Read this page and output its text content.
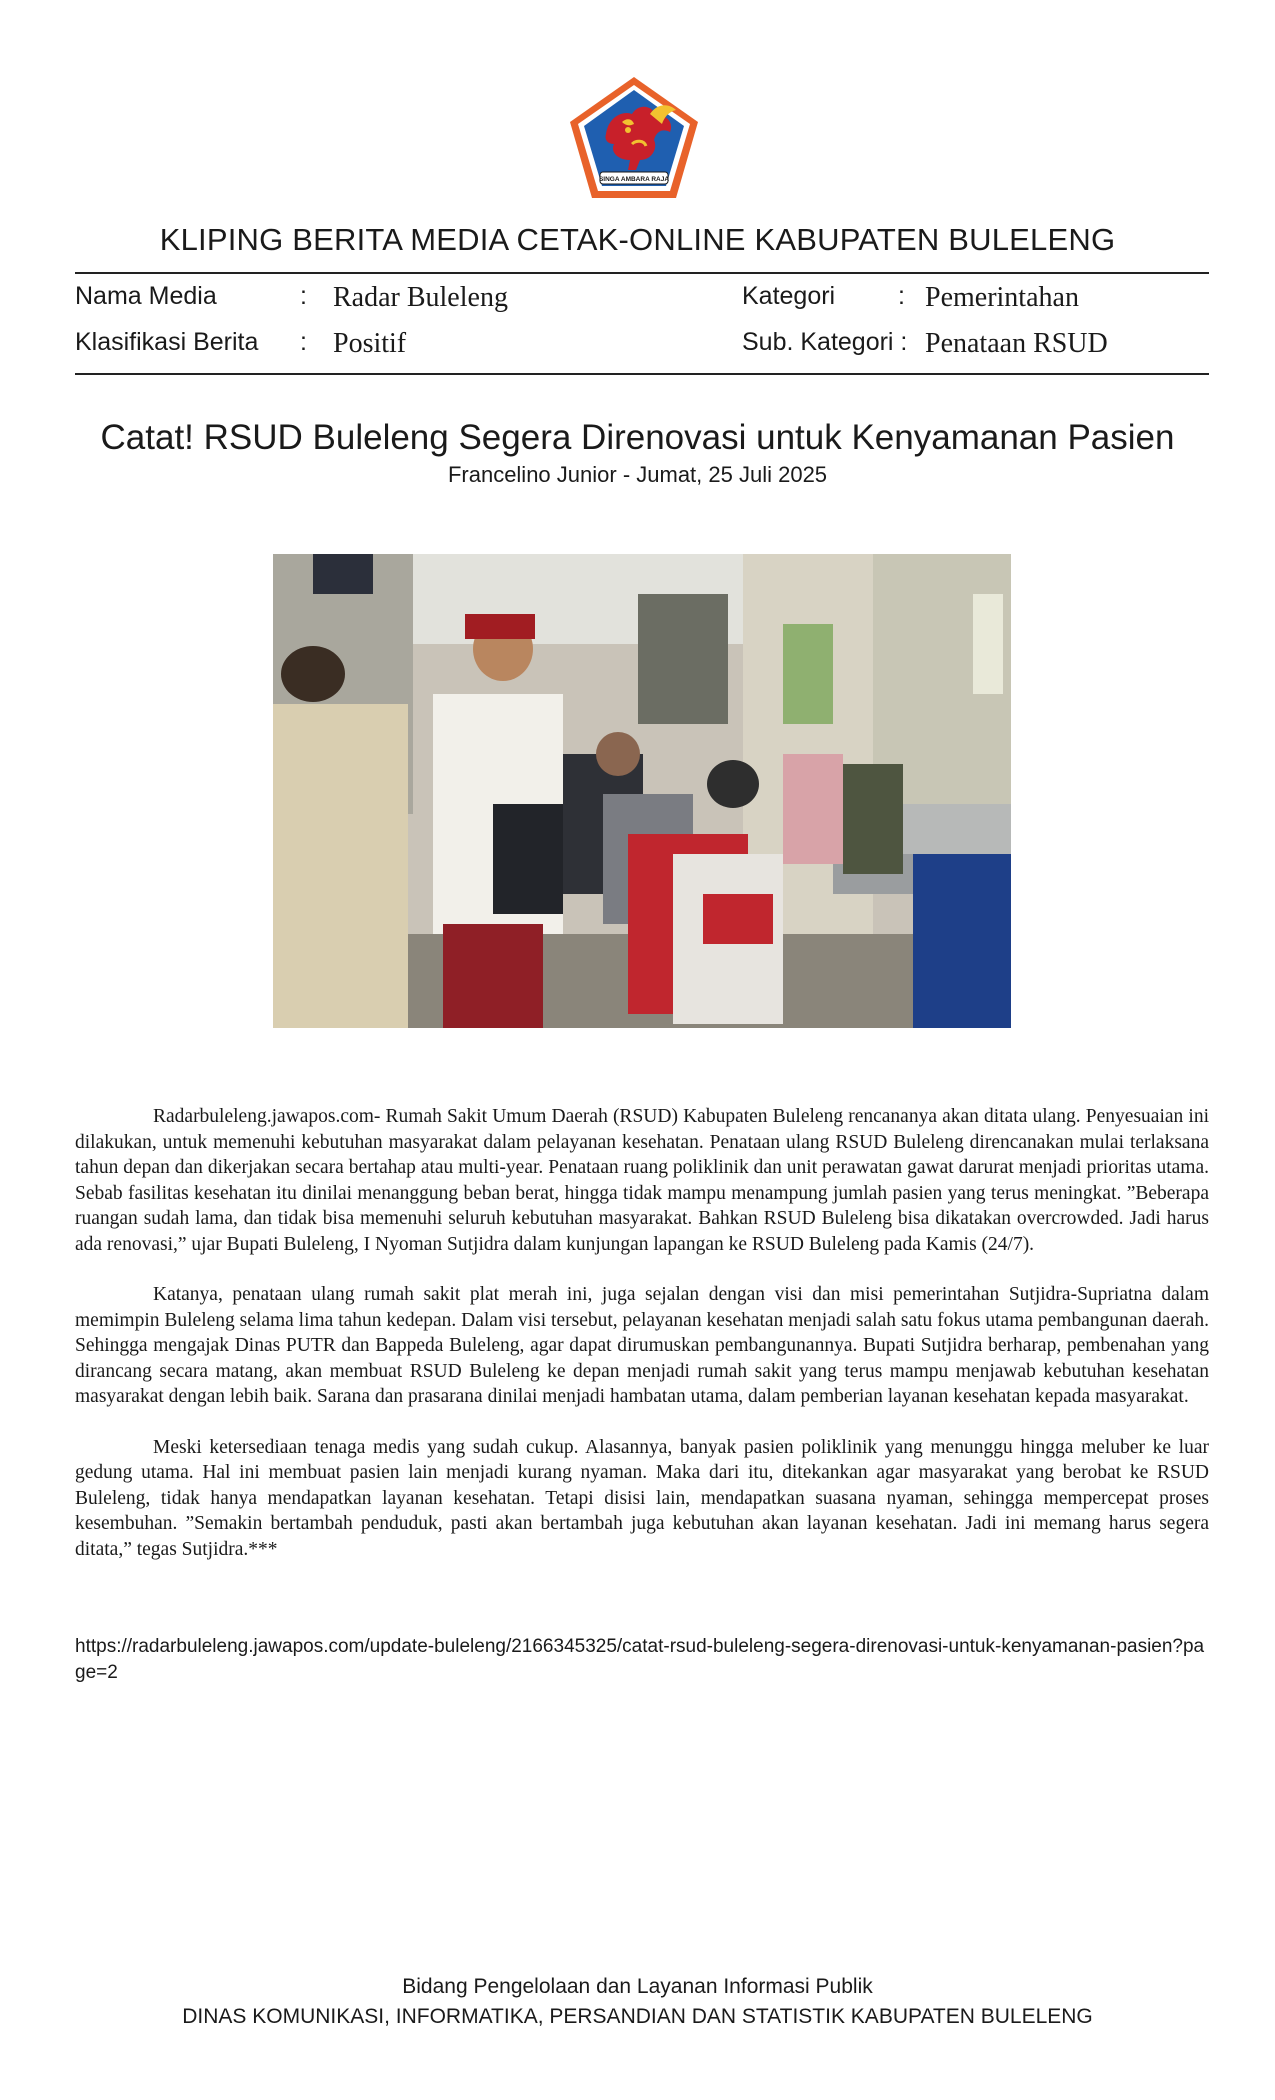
SINGA AMBARA RAJA
KLIPING BERITA MEDIA CETAK-ONLINE KABUPATEN BULELENG
Nama Media	: Radar Buleleng	Kategori	: Pemerintahan
Klasifikasi Berita : Positif	Sub. Kategori : Penataan RSUD
Catat! RSUD Buleleng Segera Direnovasi untuk Kenyamanan Pasien
Francelino Junior - Jumat, 25 Juli 2025

Radarbuleleng.jawapos.com- Rumah Sakit Umum Daerah (RSUD) Kabupaten Buleleng rencananya akan ditata ulang. Penyesuaian ini dilakukan, untuk memenuhi kebutuhan masyarakat dalam pelayanan kesehatan. Penataan ulang RSUD Buleleng direncanakan mulai terlaksana tahun depan dan dikerjakan secara bertahap atau multi-year. Penataan ruang poliklinik dan unit perawatan gawat darurat menjadi prioritas utama. Sebab fasilitas kesehatan itu dinilai menanggung beban berat, hingga tidak mampu menampung jumlah pasien yang terus meningkat. ”Beberapa ruangan sudah lama, dan tidak bisa memenuhi seluruh kebutuhan masyarakat. Bahkan RSUD Buleleng bisa dikatakan overcrowded. Jadi harus ada renovasi,” ujar Bupati Buleleng, I Nyoman Sutjidra dalam kunjungan lapangan ke RSUD Buleleng pada Kamis (24/7).

Katanya, penataan ulang rumah sakit plat merah ini, juga sejalan dengan visi dan misi pemerintahan Sutjidra-Supriatna dalam memimpin Buleleng selama lima tahun kedepan. Dalam visi tersebut, pelayanan kesehatan menjadi salah satu fokus utama pembangunan daerah. Sehingga mengajak Dinas PUTR dan Bappeda Buleleng, agar dapat dirumuskan pembangunannya. Bupati Sutjidra berharap, pembenahan yang dirancang secara matang, akan membuat RSUD Buleleng ke depan menjadi rumah sakit yang terus mampu menjawab kebutuhan kesehatan masyarakat dengan lebih baik. Sarana dan prasarana dinilai menjadi hambatan utama, dalam pemberian layanan kesehatan kepada masyarakat.

Meski ketersediaan tenaga medis yang sudah cukup. Alasannya, banyak pasien poliklinik yang menunggu hingga meluber ke luar gedung utama. Hal ini membuat pasien lain menjadi kurang nyaman. Maka dari itu, ditekankan agar masyarakat yang berobat ke RSUD Buleleng, tidak hanya mendapatkan layanan kesehatan. Tetapi disisi lain, mendapatkan suasana nyaman, sehingga mempercepat proses kesembuhan. ”Semakin bertambah penduduk, pasti akan bertambah juga kebutuhan akan layanan kesehatan. Jadi ini memang harus segera ditata,” tegas Sutjidra.***

https://radarbuleleng.jawapos.com/update-buleleng/2166345325/catat-rsud-buleleng-segera-direnovasi-untuk-kenyamanan-pasien?page=2
Bidang Pengelolaan dan Layanan Informasi Publik
DINAS KOMUNIKASI, INFORMATIKA, PERSANDIAN DAN STATISTIK KABUPATEN BULELENG
